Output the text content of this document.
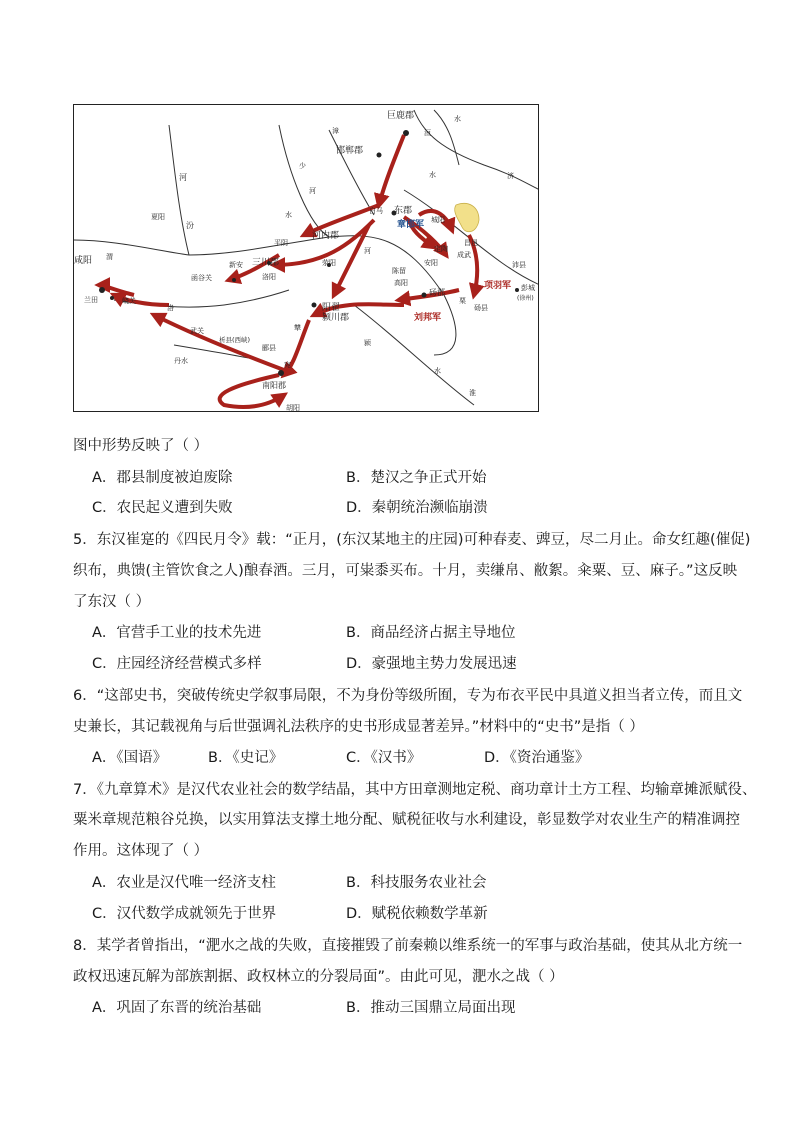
巨鹿郡
邯郸郡
漳	洹
河
汾
少
水
济
水
水
河
夏阳
咸阳 渭
函谷关
新安 三川郡
洛阳
平阴
河内郡
荥阳
东郡
白马
城阳
章邯军
昌邑
定陶
成武
安阳	沛县
彭城
(徐州)
项羽军
刘邦军
砀郡
栗
砀县
陈留
高阳
阳翟
颍川郡
颍
河
水
淮
兰田	峣关
洛
武关
析县(西峡)
郦县
丹水	宛
南阳郡
胡阳
犨
图中形势反映了（ ）
A．郡县制度被迫废除	B．楚汉之争正式开始
C．农民起义遭到失败	D．秦朝统治濒临崩溃
5．东汉崔寔的《四民月令》载：“正月，(东汉某地主的庄园)可种春麦、豍豆，尽二月止。命女红趣(催促)
织布，典馈(主管饮食之人)酿春酒。三月，可粜黍买布。十月，卖缣帛、敝絮。籴粟、豆、麻子。”这反映
了东汉（ ）
A．官营手工业的技术先进	B．商品经济占据主导地位
C．庄园经济经营模式多样	D．豪强地主势力发展迅速
6．“这部史书，突破传统史学叙事局限，不为身份等级所囿，专为布衣平民中具道义担当者立传，而且文
史兼长，其记载视角与后世强调礼法秩序的史书形成显著差异。”材料中的“史书”是指（ ）
A．《国语》	B．《史记》	C．《汉书》	D．《资治通鉴》
7．《九章算术》是汉代农业社会的数学结晶，其中方田章测地定税、商功章计土方工程、均输章摊派赋役、
粟米章规范粮谷兑换，以实用算法支撑土地分配、赋税征收与水利建设，彰显数学对农业生产的精准调控
作用。这体现了（ ）
A．农业是汉代唯一经济支柱	B．科技服务农业社会
C．汉代数学成就领先于世界	D．赋税依赖数学革新
8．某学者曾指出，“淝水之战的失败，直接摧毁了前秦赖以维系统一的军事与政治基础，使其从北方统一
政权迅速瓦解为部族割据、政权林立的分裂局面”。由此可见，淝水之战（ ）
A．巩固了东晋的统治基础	B．推动三国鼎立局面出现
